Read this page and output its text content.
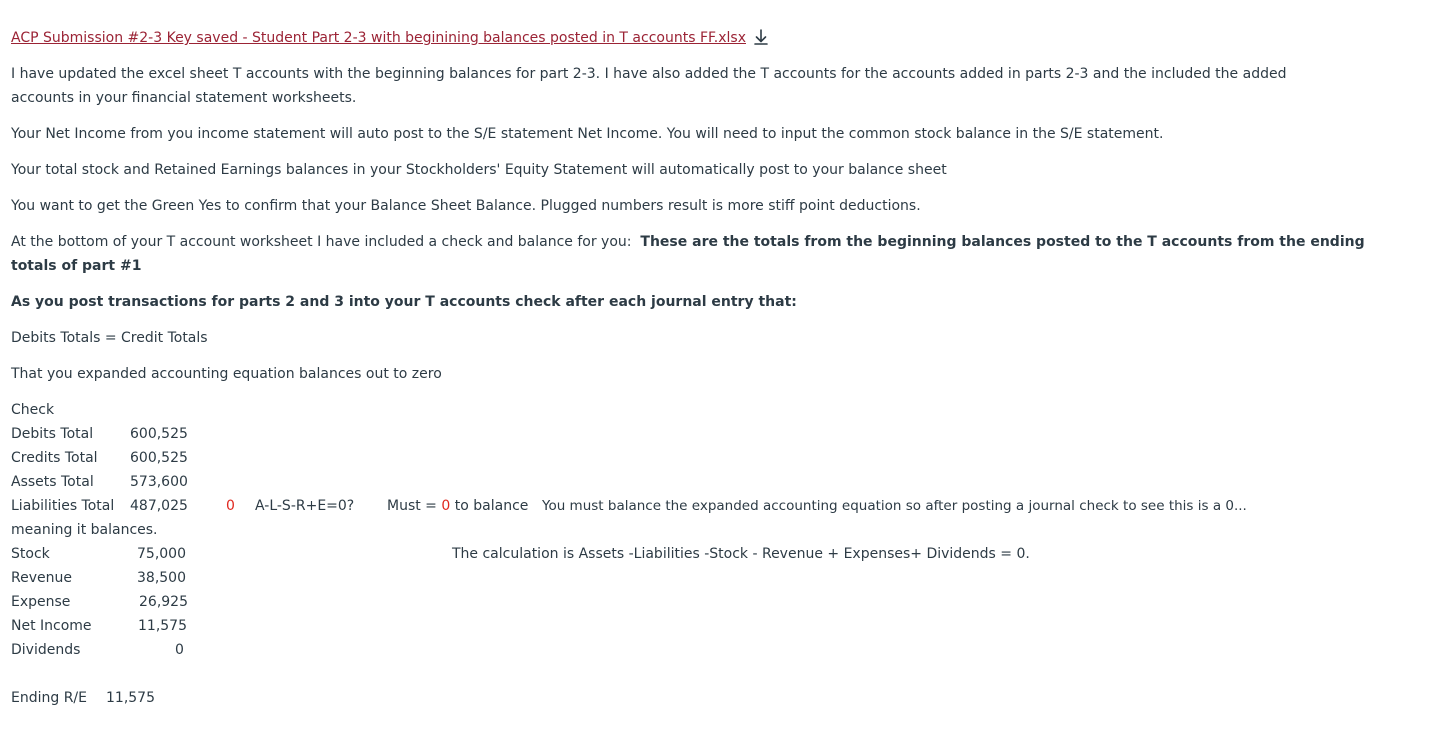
ACP Submission #2-3 Key saved - Student Part 2-3 with beginining balances posted in T accounts FF.xlsx
I have updated the excel sheet T accounts with the beginning balances for part 2-3. I have also added the T accounts for the accounts added in parts 2-3 and the included the added
accounts in your financial statement worksheets.
Your Net Income from you income statement will auto post to the S/E statement Net Income. You will need to input the common stock balance in the S/E statement.
Your total stock and Retained Earnings balances in your Stockholders' Equity Statement will automatically post to your balance sheet
You want to get the Green Yes to confirm that your Balance Sheet Balance. Plugged numbers result is more stiff point deductions.
At the bottom of your T account worksheet I have included a check and balance for you: These are the totals from the beginning balances posted to the T accounts from the ending
totals of part #1
As you post transactions for parts 2 and 3 into your T accounts check after each journal entry that:
Debits Totals = Credit Totals
That you expanded accounting equation balances out to zero
Check
Debits Total	600,525
Credits Total 600,525
Assets Total	573,600
Liabilities Total 487,025	0 A-L-S-R+E=0? Must = 0 to balance You must balance the expanded accounting equation so after posting a journal check to see this is a 0...
meaning it balances.
Stock	75,000	The calculation is Assets -Liabilities -Stock - Revenue + Expenses+ Dividends = 0.
Revenue	38,500
Expense	26,925
Net Income	11,575
Dividends	0
Ending R/E 11,575
